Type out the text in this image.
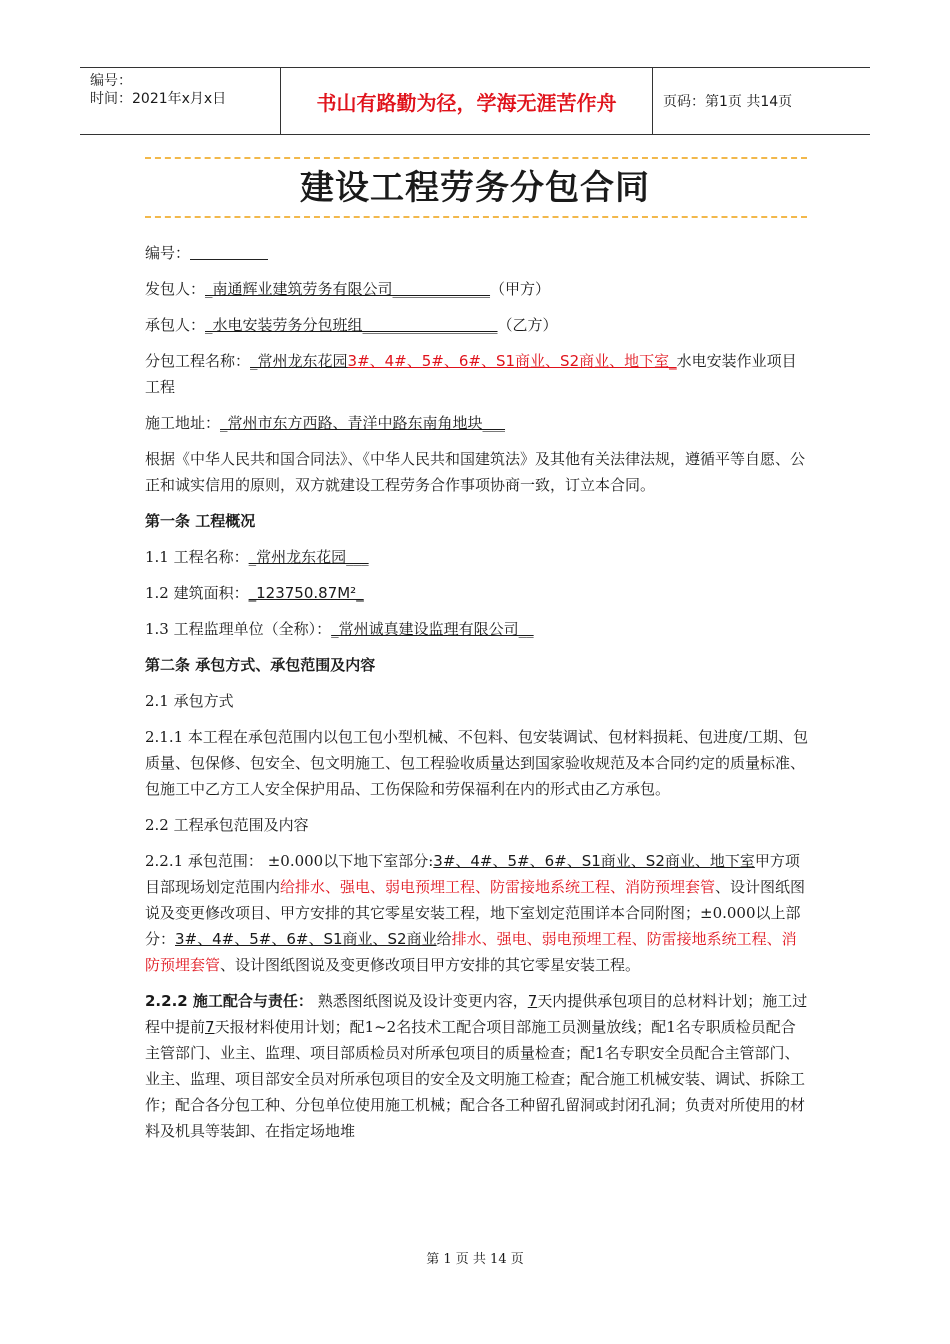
编号：
时间：2021年x月x日	书山有路勤为径，学海无涯苦作舟	页码：第1页 共14页
建设工程劳务分包合同

编号：

发包人：_南通辉业建筑劳务有限公司_____________（甲方）

承包人：_水电安装劳务分包班组__________________（乙方）

分包工程名称：_常州龙东花园3#、4#、5#、6#、S1商业、S2商业、地下室_水电安装作业项目工程

施工地址：_常州市东方西路、青洋中路东南角地块___

根据《中华人民共和国合同法》、《中华人民共和国建筑法》及其他有关法律法规，遵循平等自愿、公正和诚实信用的原则，双方就建设工程劳务合作事项协商一致，订立本合同。

第一条 工程概况

1.1 工程名称：_常州龙东花园___

1.2 建筑面积：_123750.87M²_

1.3 工程监理单位（全称）：_常州诚真建设监理有限公司__

第二条 承包方式、承包范围及内容

2.1 承包方式

2.1.1 本工程在承包范围内以包工包小型机械、不包料、包安装调试、包材料损耗、包进度/工期、包质量、包保修、包安全、包文明施工、包工程验收质量达到国家验收规范及本合同约定的质量标准、包施工中乙方工人安全保护用品、工伤保险和劳保福利在内的形式由乙方承包。

2.2 工程承包范围及内容

2.2.1 承包范围： ±0.000以下地下室部分:3#、4#、5#、6#、S1商业、S2商业、地下室甲方项目部现场划定范围内给排水、强电、弱电预埋工程、防雷接地系统工程、消防预埋套管、设计图纸图说及变更修改项目、甲方安排的其它零星安装工程，地下室划定范围详本合同附图；±0.000以上部分：3#、4#、5#、6#、S1商业、S2商业给排水、强电、弱电预埋工程、防雷接地系统工程、消防预埋套管、设计图纸图说及变更修改项目甲方安排的其它零星安装工程。

2.2.2 施工配合与责任： 熟悉图纸图说及设计变更内容，7天内提供承包项目的总材料计划；施工过程中提前7天报材料使用计划；配1~2名技术工配合项目部施工员测量放线；配1名专职质检员配合主管部门、业主、监理、项目部质检员对所承包项目的质量检查；配1名专职安全员配合主管部门、业主、监理、项目部安全员对所承包项目的安全及文明施工检查；配合施工机械安装、调试、拆除工作；配合各分包工种、分包单位使用施工机械；配合各工种留孔留洞或封闭孔洞；负责对所使用的材料及机具等装卸、在指定场地堆

第 1 页 共 14 页
